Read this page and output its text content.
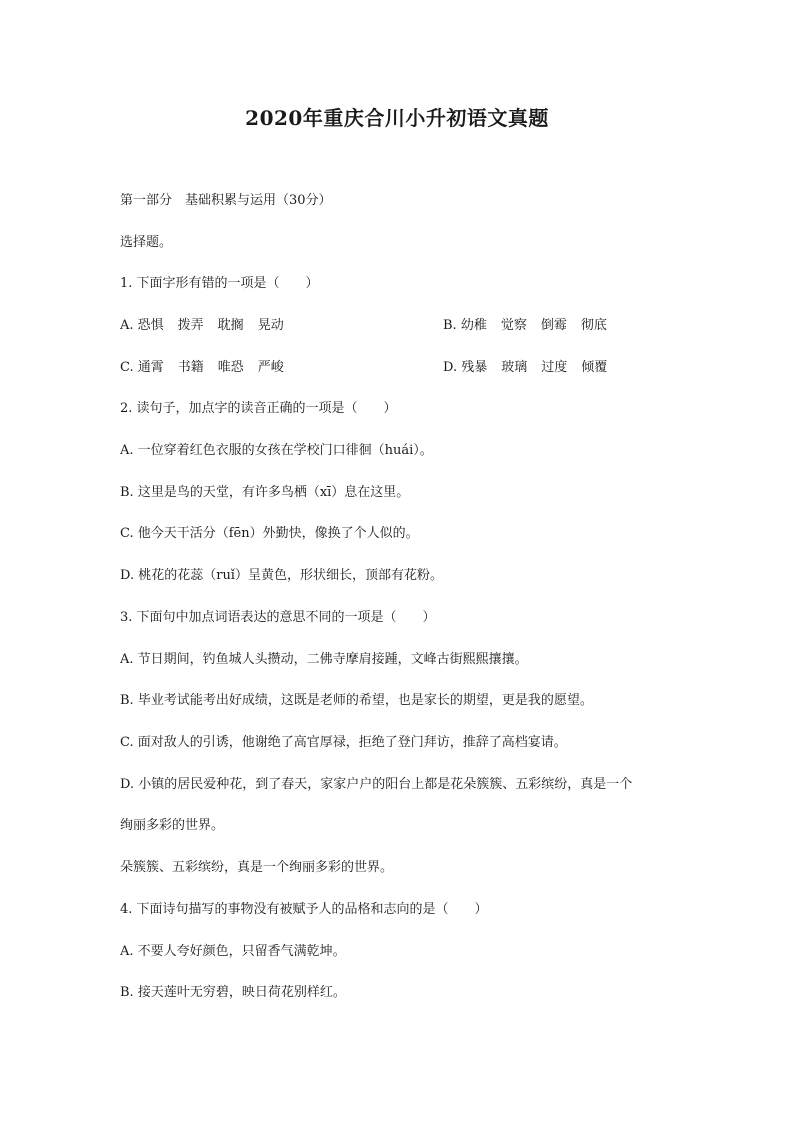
2020年重庆合川小升初语文真题
第一部分　基础积累与运用（30分）
选择题。
1. 下面字形有错的一项是（　　）
A. 恐惧 拨弄 耽搁 晃动	B. 幼稚 觉察 倒霉 彻底
C. 通霄 书籍 唯恐 严峻	D. 残暴 玻璃 过度 倾覆
2. 读句子，加点字的读音正确的一项是（　　）
A. 一位穿着红色衣服的女孩在学校门口徘徊（huái）。
B. 这里是鸟的天堂，有许多鸟栖（xī）息在这里。
C. 他今天干活分（fēn）外勤快，像换了个人似的。
D. 桃花的花蕊（ruǐ）呈黄色，形状细长，顶部有花粉。
3. 下面句中加点词语表达的意思不同的一项是（　　）
A. 节日期间，钓鱼城人头攒动，二佛寺摩肩接踵，文峰古街熙熙攘攘。
B. 毕业考试能考出好成绩，这既是老师的希望，也是家长的期望，更是我的愿望。
C. 面对敌人的引诱，他谢绝了高官厚禄，拒绝了登门拜访，推辞了高档宴请。
D. 小镇的居民爱种花，到了春天，家家户户的阳台上都是花朵簇簇、五彩缤纷，真是一个
绚丽多彩的世界。
朵簇簇、五彩缤纷，真是一个绚丽多彩的世界。
4. 下面诗句描写的事物没有被赋予人的品格和志向的是（　　）
A. 不要人夸好颜色，只留香气满乾坤。
B. 接天莲叶无穷碧，映日荷花别样红。
